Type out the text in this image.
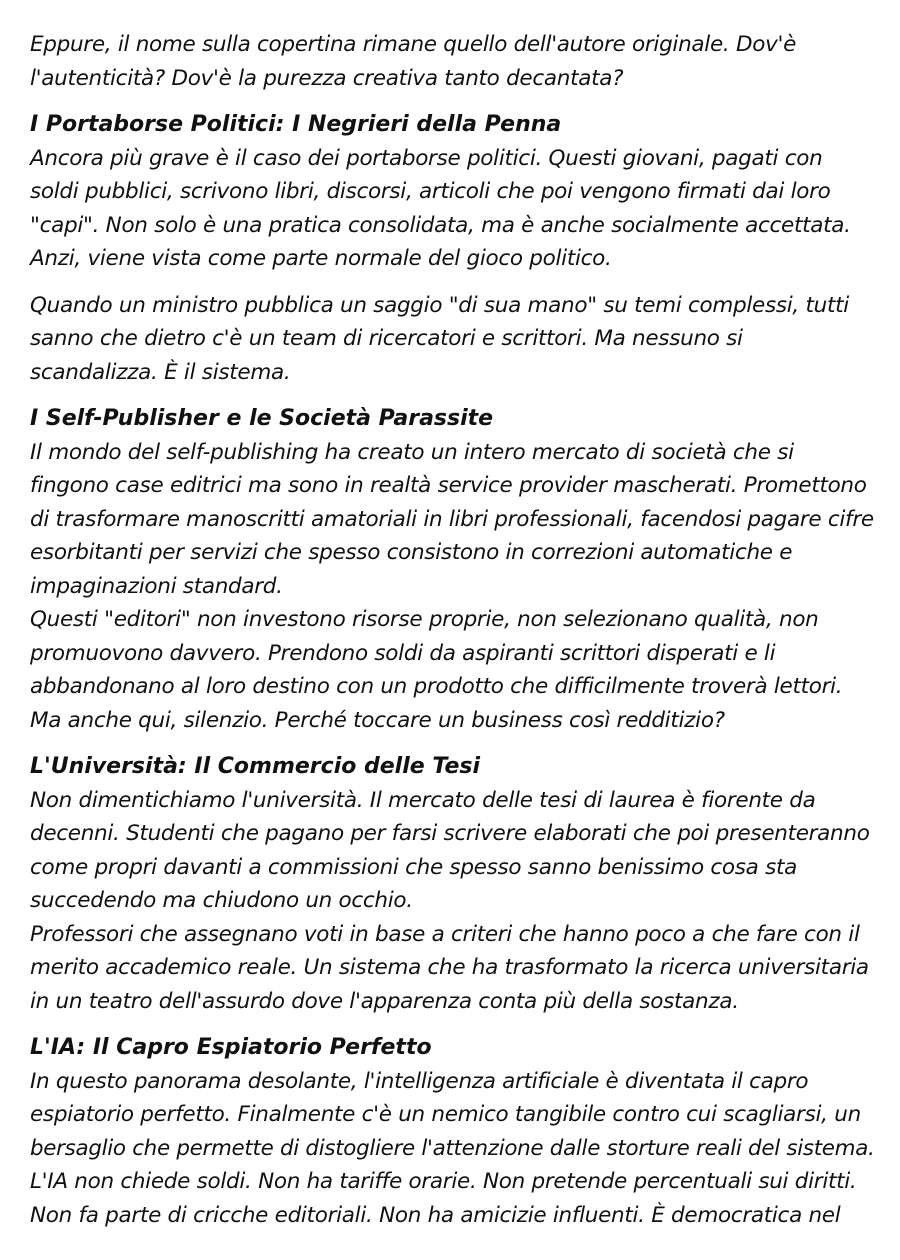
Eppure, il nome sulla copertina rimane quello dell'autore originale. Dov'è
l'autenticità? Dov'è la purezza creativa tanto decantata?
I Portaborse Politici: I Negrieri della Penna
Ancora più grave è il caso dei portaborse politici. Questi giovani, pagati con
soldi pubblici, scrivono libri, discorsi, articoli che poi vengono firmati dai loro
"capi". Non solo è una pratica consolidata, ma è anche socialmente accettata.
Anzi, viene vista come parte normale del gioco politico.
Quando un ministro pubblica un saggio "di sua mano" su temi complessi, tutti
sanno che dietro c'è un team di ricercatori e scrittori. Ma nessuno si
scandalizza. È il sistema.
I Self-Publisher e le Società Parassite
Il mondo del self-publishing ha creato un intero mercato di società che si
fingono case editrici ma sono in realtà service provider mascherati. Promettono
di trasformare manoscritti amatoriali in libri professionali, facendosi pagare cifre
esorbitanti per servizi che spesso consistono in correzioni automatiche e
impaginazioni standard.
Questi "editori" non investono risorse proprie, non selezionano qualità, non
promuovono davvero. Prendono soldi da aspiranti scrittori disperati e li
abbandonano al loro destino con un prodotto che difficilmente troverà lettori.
Ma anche qui, silenzio. Perché toccare un business così redditizio?
L'Università: Il Commercio delle Tesi
Non dimentichiamo l'università. Il mercato delle tesi di laurea è fiorente da
decenni. Studenti che pagano per farsi scrivere elaborati che poi presenteranno
come propri davanti a commissioni che spesso sanno benissimo cosa sta
succedendo ma chiudono un occhio.
Professori che assegnano voti in base a criteri che hanno poco a che fare con il
merito accademico reale. Un sistema che ha trasformato la ricerca universitaria
in un teatro dell'assurdo dove l'apparenza conta più della sostanza.
L'IA: Il Capro Espiatorio Perfetto
In questo panorama desolante, l'intelligenza artificiale è diventata il capro
espiatorio perfetto. Finalmente c'è un nemico tangibile contro cui scagliarsi, un
bersaglio che permette di distogliere l'attenzione dalle storture reali del sistema.
L'IA non chiede soldi. Non ha tariffe orarie. Non pretende percentuali sui diritti.
Non fa parte di cricche editoriali. Non ha amicizie influenti. È democratica nel
